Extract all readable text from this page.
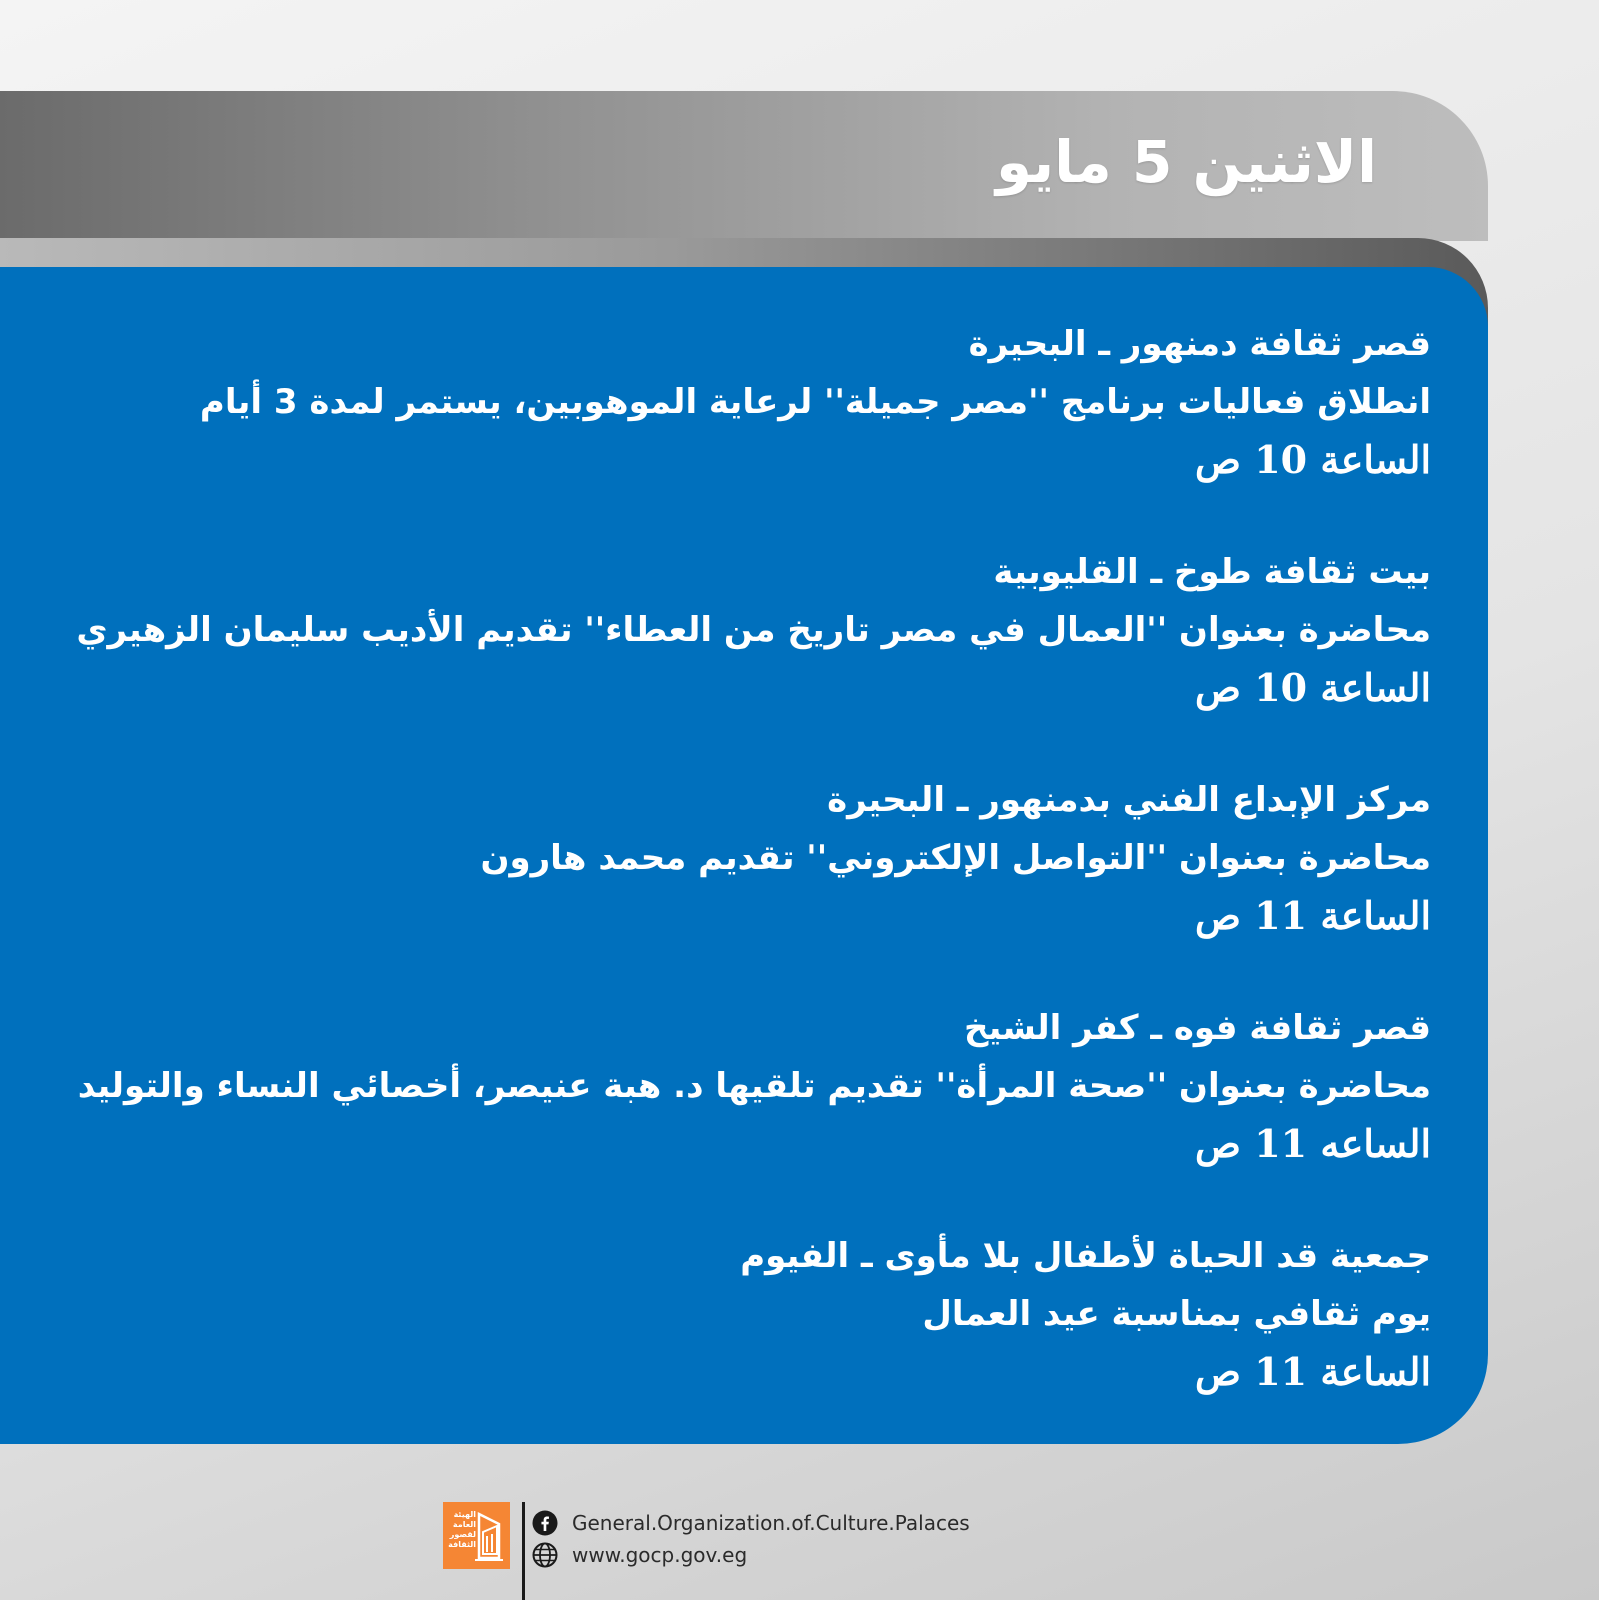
الاثنين 5 مايو
قصر ثقافة دمنهور ـ البحيرة
انطلاق فعاليات برنامج ''مصر جميلة'' لرعاية الموهوبين، يستمر لمدة 3 أيام
الساعة 10 ص
بيت ثقافة طوخ ـ القليوبية
محاضرة بعنوان ''العمال في مصر تاريخ من العطاء'' تقديم الأديب سليمان الزهيري
الساعة 10 ص
مركز الإبداع الفني بدمنهور ـ البحيرة
محاضرة بعنوان ''التواصل الإلكتروني'' تقديم محمد هارون
الساعة 11 ص
قصر ثقافة فوه ـ كفر الشيخ
محاضرة بعنوان ''صحة المرأة'' تقديم تلقيها د. هبة عنيصر، أخصائي النساء والتوليد
الساعه 11 ص
جمعية قد الحياة لأطفال بلا مأوى ـ الفيوم
يوم ثقافي بمناسبة عيد العمال
الساعة 11 ص
الهيئة العامة لقصور الثقافة
General.Organization.of.Culture.Palaces
www.gocp.gov.eg
